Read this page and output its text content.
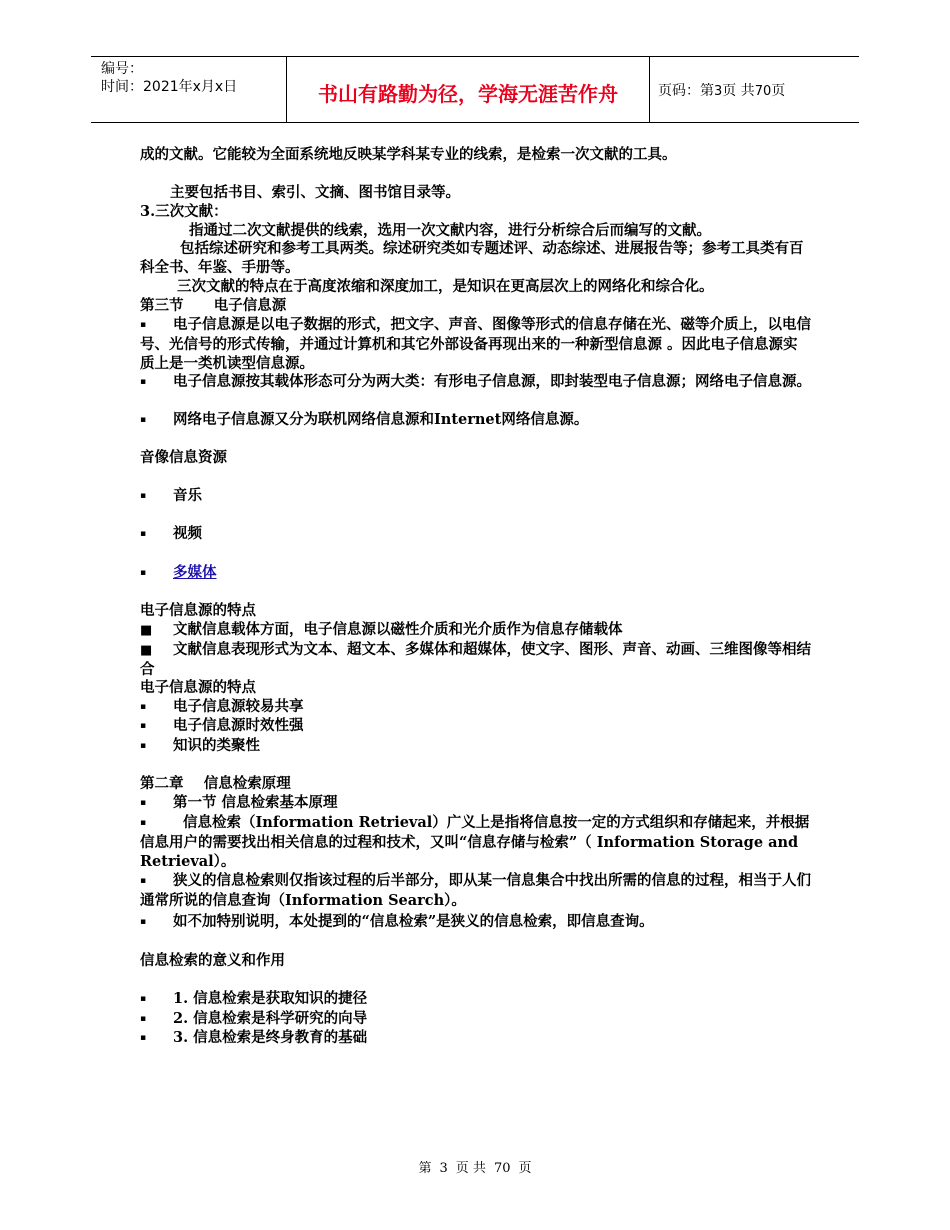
编号：
时间：2021年x月x日	书山有路勤为径，学海无涯苦作舟	页码：第3页 共70页
成的文献。它能较为全面系统地反映某学科某专业的线索，是检索一次文献的工具。
主要包括书目、索引、文摘、图书馆目录等。
3.三次文献：
指通过二次文献提供的线索，选用一次文献内容，进行分析综合后而编写的文献。
包括综述研究和参考工具两类。综述研究类如专题述评、动态综述、进展报告等；参考工具类有百科全书、年鉴、手册等。
三次文献的特点在于高度浓缩和深度加工，是知识在更高层次上的网络化和综合化。
第三节      电子信息源
▪ 电子信息源是以电子数据的形式，把文字、声音、图像等形式的信息存储在光、磁等介质上，以电信号、光信号的形式传输，并通过计算机和其它外部设备再现出来的一种新型信息源 。因此电子信息源实质上是一类机读型信息源。
▪ 电子信息源按其载体形态可分为两大类：有形电子信息源，即封装型电子信息源；网络电子信息源。
▪ 网络电子信息源又分为联机网络信息源和Internet网络信息源。
音像信息资源
▪ 音乐
▪ 视频
▪ 多媒体
电子信息源的特点
■ 文献信息载体方面，电子信息源以磁性介质和光介质作为信息存储载体
■ 文献信息表现形式为文本、超文本、多媒体和超媒体，使文字、图形、声音、动画、三维图像等相结合
电子信息源的特点
▪ 电子信息源较易共享
▪ 电子信息源时效性强
▪ 知识的类聚性
第二章    信息检索原理
▪ 第一节 信息检索基本原理
▪	信息检索（Information Retrieval）广义上是指将信息按一定的方式组织和存储起来，并根据信息用户的需要找出相关信息的过程和技术，又叫“信息存储与检索”（ Information Storage and Retrieval）。
▪ 狭义的信息检索则仅指该过程的后半部分，即从某一信息集合中找出所需的信息的过程，相当于人们通常所说的信息查询（Information Search）。
▪ 如不加特别说明，本处提到的“信息检索”是狭义的信息检索，即信息查询。
信息检索的意义和作用
▪ 1. 信息检索是获取知识的捷径
▪ 2. 信息检索是科学研究的向导
▪ 3. 信息检索是终身教育的基础
第 3 页 共 70 页
